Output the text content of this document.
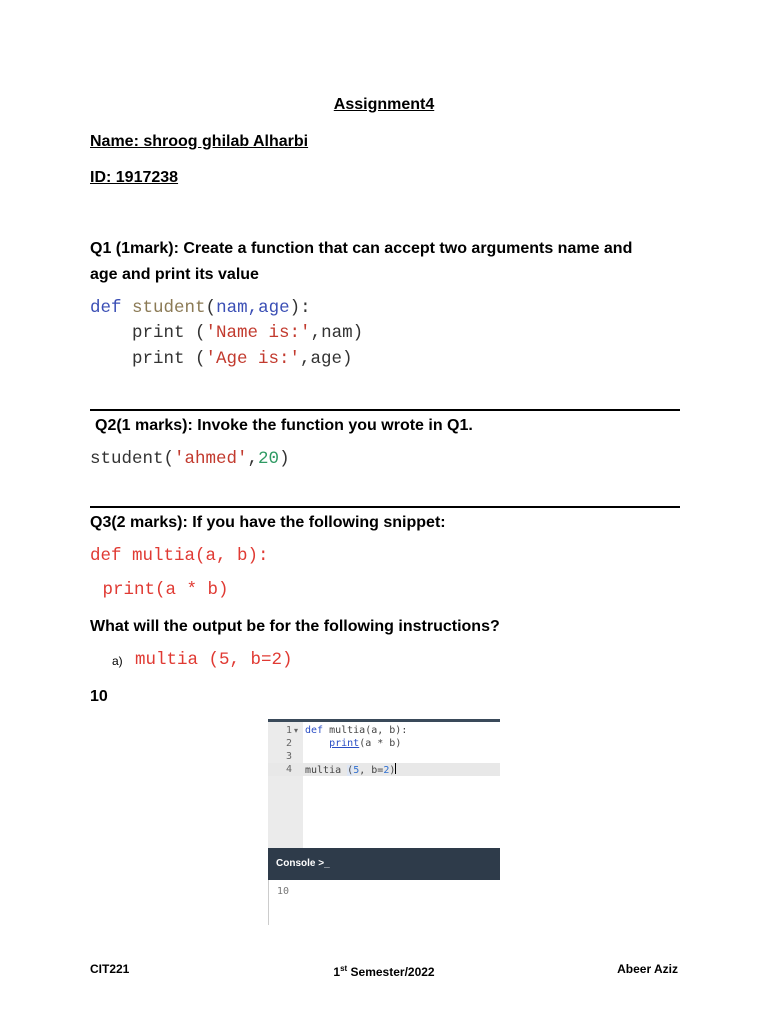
Assignment4
Name: shroog ghilab Alharbi
ID: 1917238
Q1 (1mark): Create a function that can accept two arguments name and
age and print its value
def student(nam,age):
print ('Name is:',nam)
print ('Age is:',age)
Q2(1 marks): Invoke the function you wrote in Q1.
student('ahmed',20)
Q3(2 marks): If you have the following snippet:
def multia(a, b):
print(a * b)
What will the output be for the following instructions?
a) multia (5, b=2)
10
1
2
3
4
▾ def multia(a, b):
print(a * b)
multia (5, b=2)
Console >_
10
CIT221	1st Semester/2022	Abeer Aziz
